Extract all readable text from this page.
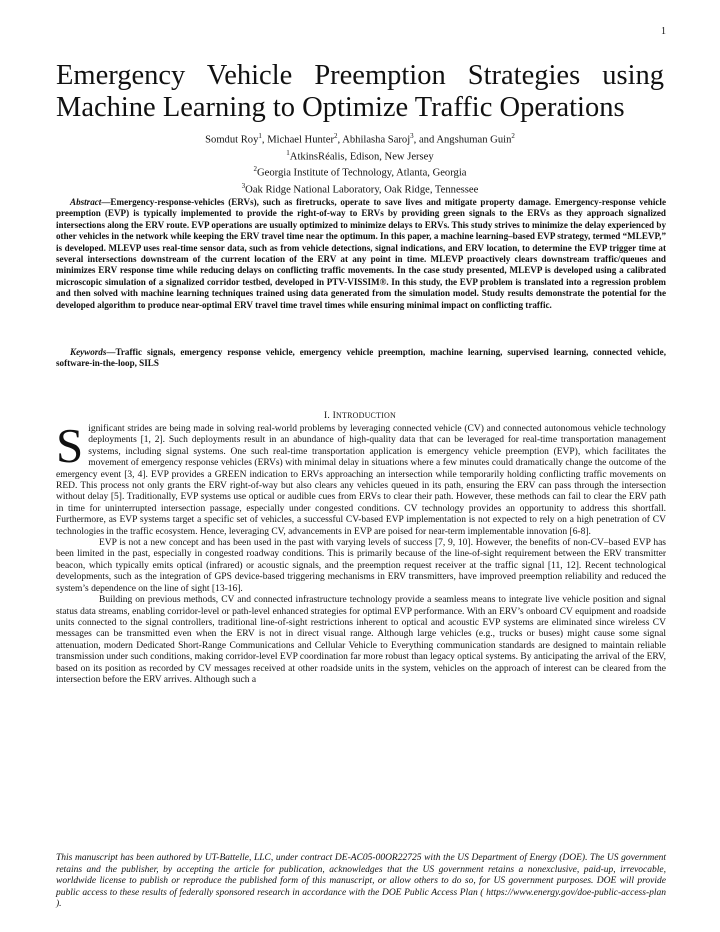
1
Emergency Vehicle Preemption Strategies using
Machine Learning to Optimize Traffic Operations
Somdut Roy$^1$, Michael Hunter$^2$, Abhilasha Saroj$^3$, and Angshuman Guin$^2$
$^1$AtkinsRéalis, Edison, New Jersey
$^2$Georgia Institute of Technology, Atlanta, Georgia
$^3$Oak Ridge National Laboratory, Oak Ridge, Tennessee
Abstract—Emergency-response-vehicles (ERVs), such as firetrucks, operate to save lives and mitigate property damage. Emergency-response vehicle preemption (EVP) is typically implemented to provide the right-of-way to ERVs by providing green signals to the ERVs as they approach signalized intersections along the ERV route. EVP operations are usually optimized to minimize delays to ERVs. This study strives to minimize the delay experienced by other vehicles in the network while keeping the ERV travel time near the optimum. In this paper, a machine learning–based EVP strategy, termed “MLEVP,” is developed. MLEVP uses real-time sensor data, such as from vehicle detections, signal indications, and ERV location, to determine the EVP trigger time at several intersections downstream of the current location of the ERV at any point in time. MLEVP proactively clears downstream traffic/queues and minimizes ERV response time while reducing delays on conflicting traffic movements. In the case study presented, MLEVP is developed using a calibrated microscopic simulation of a signalized corridor testbed, developed in PTV-VISSIM®. In this study, the EVP problem is translated into a regression problem and then solved with machine learning techniques trained using data generated from the simulation model. Study results demonstrate the potential for the developed algorithm to produce near-optimal ERV travel time travel times while ensuring minimal impact on conflicting traffic.
Keywords—Traffic signals, emergency response vehicle, emergency vehicle preemption, machine learning, supervised learning, connected vehicle, software-in-the-loop, SILS
I. INTRODUCTION

Significant strides are being made in solving real-world problems by leveraging connected vehicle (CV) and connected autonomous vehicle technology deployments [1, 2]. Such deployments result in an abundance of high-quality data that can be leveraged for real-time transportation management systems, including signal systems. One such real-time transportation application is emergency vehicle preemption (EVP), which facilitates the movement of emergency response vehicles (ERVs) with minimal delay in situations where a few minutes could dramatically change the outcome of the emergency event [3, 4]. EVP provides a GREEN indication to ERVs approaching an intersection while temporarily holding conflicting traffic movements on RED. This process not only grants the ERV right-of-way but also clears any vehicles queued in its path, ensuring the ERV can pass through the intersection without delay [5]. Traditionally, EVP systems use optical or audible cues from ERVs to clear their path. However, these methods can fail to clear the ERV path in time for uninterrupted intersection passage, especially under congested conditions. CV technology provides an opportunity to address this shortfall. Furthermore, as EVP systems target a specific set of vehicles, a successful CV-based EVP implementation is not expected to rely on a high penetration of CV technologies in the traffic ecosystem. Hence, leveraging CV, advancements in EVP are poised for near-term implementable innovation [6-8].

EVP is not a new concept and has been used in the past with varying levels of success [7, 9, 10]. However, the benefits of non-CV–based EVP has been limited in the past, especially in congested roadway conditions. This is primarily because of the line-of-sight requirement between the ERV transmitter beacon, which typically emits optical (infrared) or acoustic signals, and the preemption request receiver at the traffic signal [11, 12]. Recent technological developments, such as the integration of GPS device-based triggering mechanisms in ERV transmitters, have improved preemption reliability and reduced the system’s dependence on the line of sight [13-16].

Building on previous methods, CV and connected infrastructure technology provide a seamless means to integrate live vehicle position and signal status data streams, enabling corridor-level or path-level enhanced strategies for optimal EVP performance. With an ERV’s onboard CV equipment and roadside units connected to the signal controllers, traditional line-of-sight restrictions inherent to optical and acoustic EVP systems are eliminated since wireless CV messages can be transmitted even when the ERV is not in direct visual range. Although large vehicles (e.g., trucks or buses) might cause some signal attenuation, modern Dedicated Short-Range Communications and Cellular Vehicle to Everything communication standards are designed to maintain reliable transmission under such conditions, making corridor-level EVP coordination far more robust than legacy optical systems. By anticipating the arrival of the ERV, based on its position as recorded by CV messages received at other roadside units in the system, vehicles on the approach of interest can be cleared from the intersection before the ERV arrives. Although such a

This manuscript has been authored by UT-Battelle, LLC, under contract DE-AC05-00OR22725 with the US Department of Energy (DOE). The US government retains and the publisher, by accepting the article for publication, acknowledges that the US government retains a nonexclusive, paid-up, irrevocable, worldwide license to publish or reproduce the published form of this manuscript, or allow others to do so, for US government purposes. DOE will provide public access to these results of federally sponsored research in accordance with the DOE Public Access Plan ( https://www.energy.gov/doe-public-access-plan ).
